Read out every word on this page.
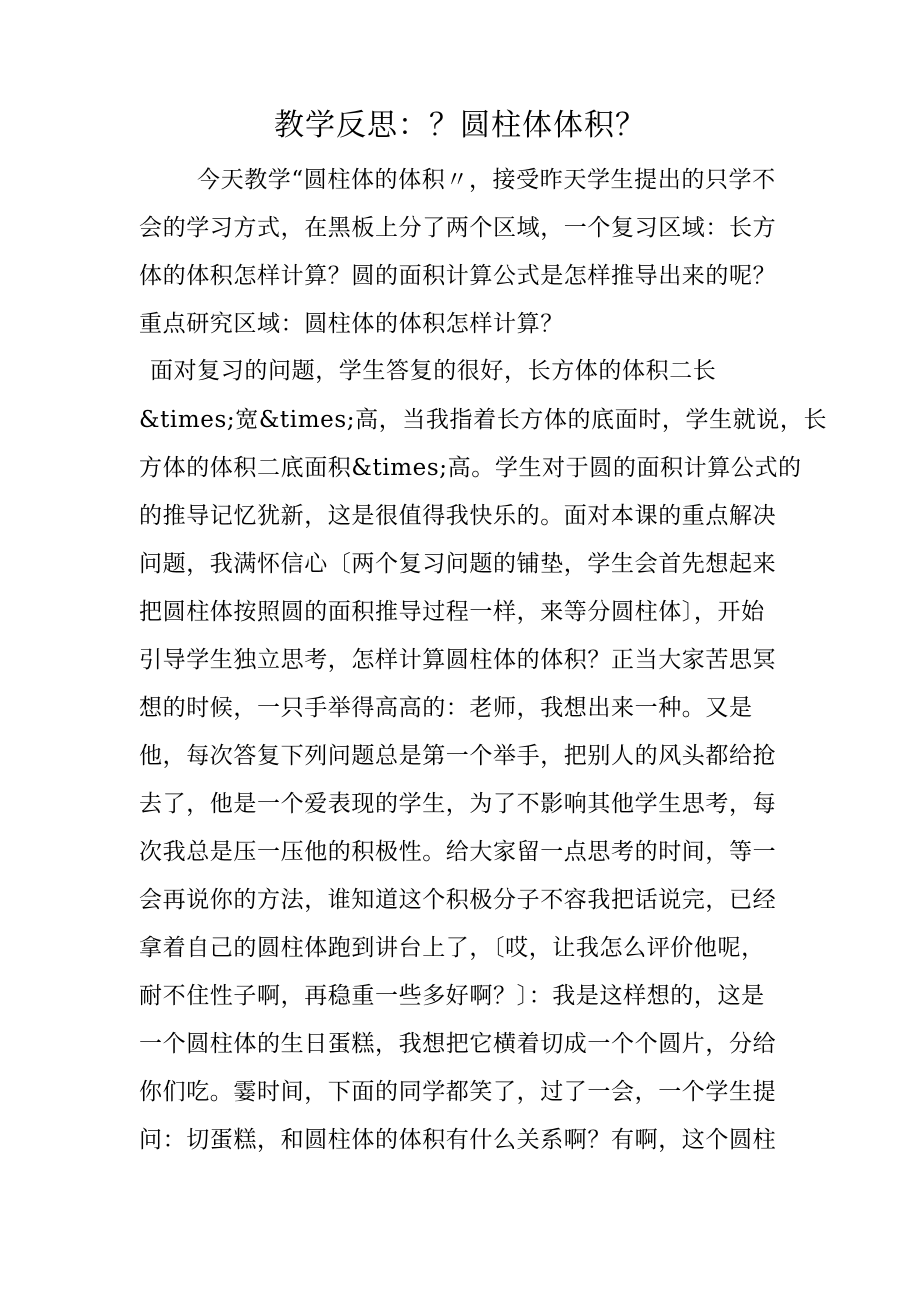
教学反思：？圆柱体体积？
今天教学“圆柱体的体积〃，接受昨天学生提出的只学不
会的学习方式，在黑板上分了两个区域，一个复习区域：长方
体的体积怎样计算？圆的面积计算公式是怎样推导出来的呢？
重点研究区域：圆柱体的体积怎样计算？
面对复习的问题，学生答复的很好，长方体的体积二长
&times;宽&times;高，当我指着长方体的底面时，学生就说，长
方体的体积二底面积&times;高。学生对于圆的面积计算公式的
的推导记忆犹新，这是很值得我快乐的。面对本课的重点解决
问题，我满怀信心〔两个复习问题的铺垫，学生会首先想起来
把圆柱体按照圆的面积推导过程一样，来等分圆柱体〕，开始
引导学生独立思考，怎样计算圆柱体的体积？正当大家苦思冥
想的时候，一只手举得高高的：老师，我想出来一种。又是
他，每次答复下列问题总是第一个举手，把别人的风头都给抢
去了，他是一个爱表现的学生，为了不影响其他学生思考，每
次我总是压一压他的积极性。给大家留一点思考的时间，等一
会再说你的方法，谁知道这个积极分子不容我把话说完，已经
拿着自己的圆柱体跑到讲台上了，〔哎，让我怎么评价他呢，
耐不住性子啊，再稳重一些多好啊？〕：我是这样想的，这是
一个圆柱体的生日蛋糕，我想把它横着切成一个个圆片，分给
你们吃。霎时间，下面的同学都笑了，过了一会，一个学生提
问：切蛋糕，和圆柱体的体积有什么关系啊？有啊，这个圆柱
